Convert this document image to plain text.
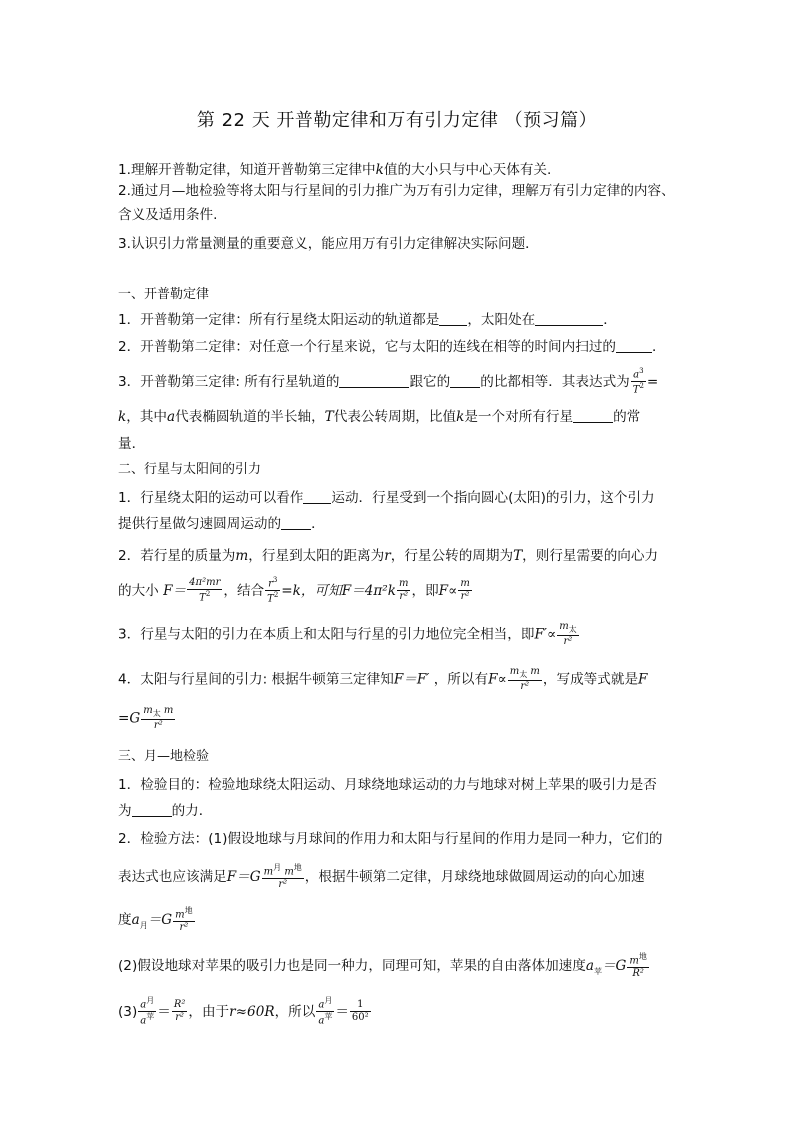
第 22 天 开普勒定律和万有引力定律 （预习篇）
1.理解开普勒定律，知道开普勒第三定律中k值的大小只与中心天体有关.
2.通过月—地检验等将太阳与行星间的引力推广为万有引力定律，理解万有引力定律的内容、
含义及适用条件.
3.认识引力常量测量的重要意义，能应用万有引力定律解决实际问题．
一、开普勒定律
1．开普勒第一定律：所有行星绕太阳运动的轨道都是 ，太阳处在	．
2．开普勒第二定律：对任意一个行星来说，它与太阳的连线在相等的时间内扫过的	．
3．开普勒第三定律: 所有行星轨道的	跟它的 的比都相等．其表达式为 $\frac{a^3}{T^2}$ =
k，其中a代表椭圆轨道的半长轴，T代表公转周期，比值k是一个对所有行星	的常
量．
二、行星与太阳间的引力
1．行星绕太阳的运动可以看作 运动．行星受到一个指向圆心(太阳)的引力，这个引力
提供行星做匀速圆周运动的 ．
2．若行星的质量为m，行星到太阳的距离为r，行星公转的周期为T，则行星需要的向心力
的大小 $F= \frac{\text{4π²mr}}{T^2}$ ，结合 $\frac{r^3}{T^2} =k$，可知$F=4\pi^2k \frac{m}{\text{r²}}$ ，即$F\propto \frac{m}{\text{r²}}$
3．行星与太阳的引力在本质上和太阳与行星的引力地位完全相当，即$F'\propto m_太$
r²
4．太阳与行星间的引力: 根据牛顿第三定律知F＝F′ ，所以有$F\propto m_太$ m
r²	，写成等式就是F
=G $m_太$ m
r²
三、月—地检验
1．检验目的：检验地球绕太阳运动、月球绕地球运动的力与地球对树上苹果的吸引力是否
为	的力．
2．检验方法：(1)假设地球与月球间的作用力和太阳与行星间的作用力是同一种力，它们的
表达式也应该满足F＝G $m^月$ $m^地$
r²	，根据牛顿第二定律，月球绕地球做圆周运动的向心加速
度$a_月=G$ $m^地$
r²
(2)假设地球对苹果的吸引力也是同一种力，同理可知，苹果的自由落体加速度$a_苹=G$ $m^地$
R²
(3) $a^月$
$a^苹 = \frac{\text{R²}}{\text{r²}}$ ，由于r≈60R，所以 $a^月$
$a^苹 = \frac{1}{\text{60²}}$
